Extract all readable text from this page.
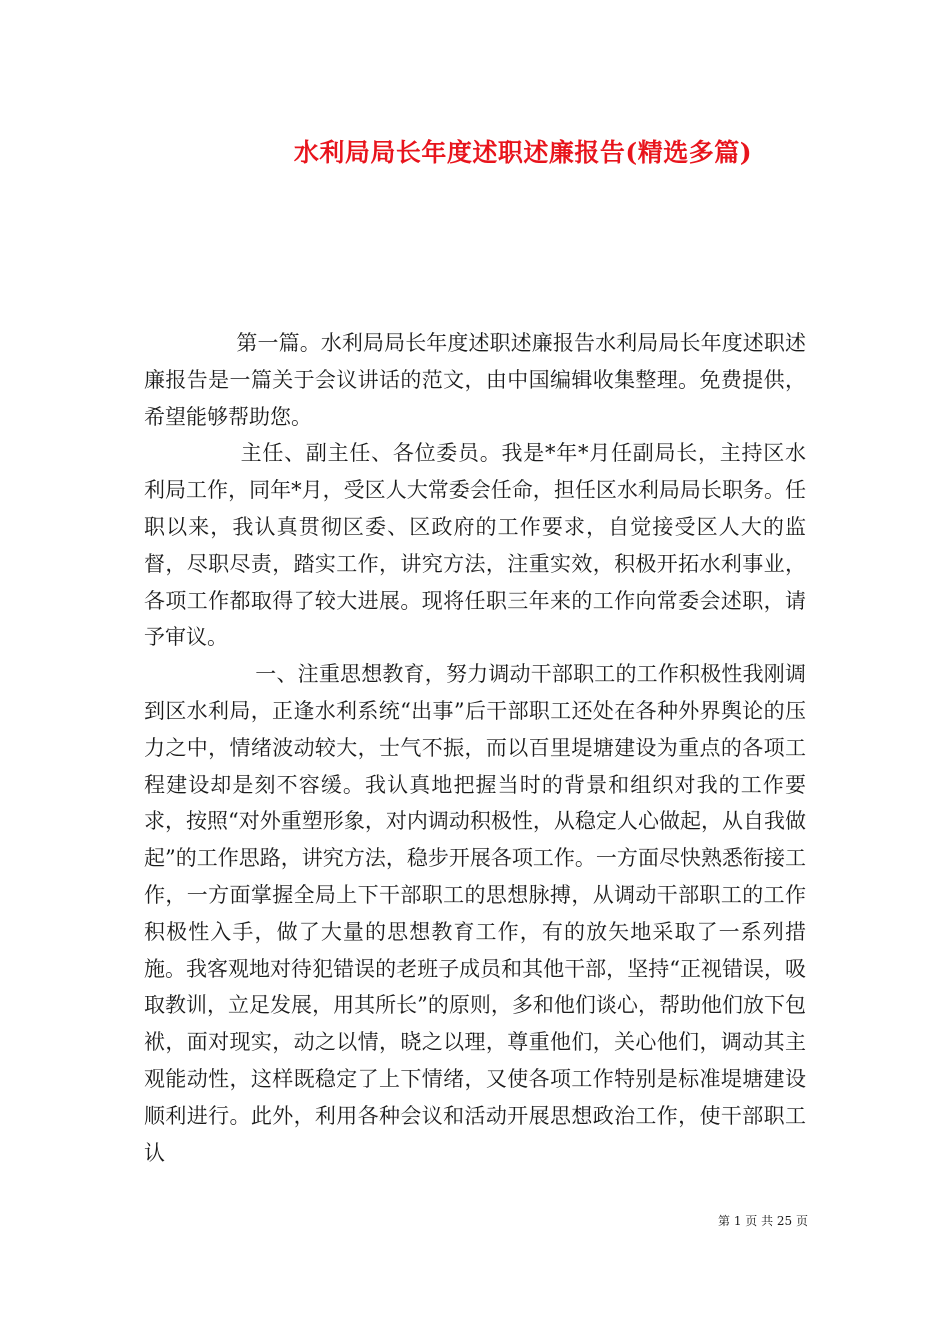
水利局局长年度述职述廉报告(精选多篇)

第一篇。水利局局长年度述职述廉报告水利局局长年度述职述廉报告是一篇关于会议讲话的范文，由中国编辑收集整理。免费提供，希望能够帮助您。

主任、副主任、各位委员。我是*年*月任副局长，主持区水利局工作，同年*月，受区人大常委会任命，担任区水利局局长职务。任职以来，我认真贯彻区委、区政府的工作要求，自觉接受区人大的监督，尽职尽责，踏实工作，讲究方法，注重实效，积极开拓水利事业，各项工作都取得了较大进展。现将任职三年来的工作向常委会述职，请予审议。

一、注重思想教育，努力调动干部职工的工作积极性我刚调到区水利局，正逢水利系统“出事”后干部职工还处在各种外界舆论的压力之中，情绪波动较大，士气不振，而以百里堤塘建设为重点的各项工程建设却是刻不容缓。我认真地把握当时的背景和组织对我的工作要求，按照“对外重塑形象，对内调动积极性，从稳定人心做起，从自我做起”的工作思路，讲究方法，稳步开展各项工作。一方面尽快熟悉衔接工作，一方面掌握全局上下干部职工的思想脉搏，从调动干部职工的工作积极性入手，做了大量的思想教育工作，有的放矢地采取了一系列措施。我客观地对待犯错误的老班子成员和其他干部，坚持“正视错误，吸取教训，立足发展，用其所长”的原则，多和他们谈心，帮助他们放下包袱，面对现实，动之以情，晓之以理，尊重他们，关心他们，调动其主观能动性，这样既稳定了上下情绪，又使各项工作特别是标准堤塘建设顺利进行。此外，利用各种会议和活动开展思想政治工作，使干部职工认

第 1 页 共 25 页
